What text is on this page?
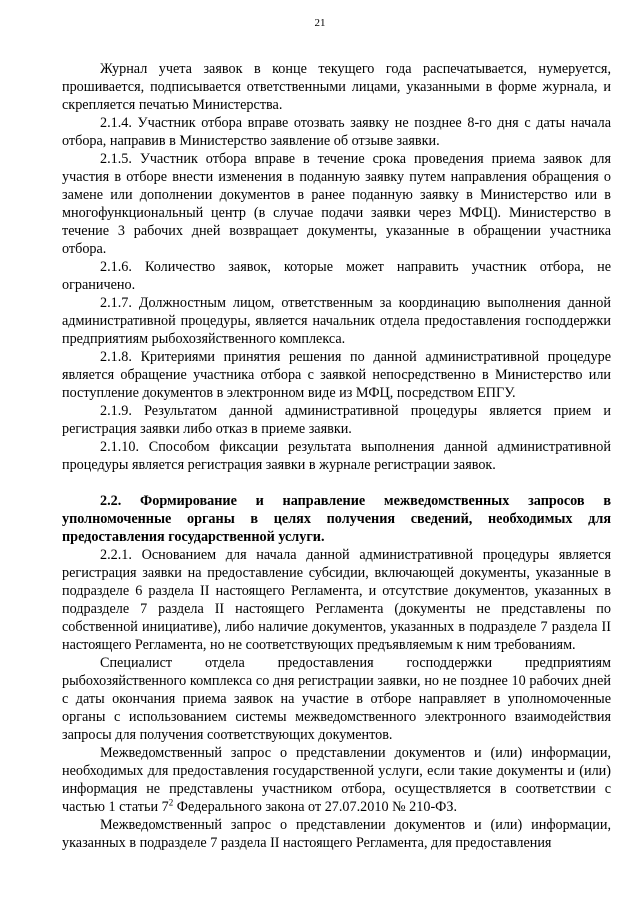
21

Журнал учета заявок в конце текущего года распечатывается, нумеруется, прошивается, подписывается ответственными лицами, указанными в форме журнала, и скрепляется печатью Министерства.

2.1.4. Участник отбора вправе отозвать заявку не позднее 8-го дня с даты начала отбора, направив в Министерство заявление об отзыве заявки.

2.1.5. Участник отбора вправе в течение срока проведения приема заявок для участия в отборе внести изменения в поданную заявку путем направления обращения о замене или дополнении документов в ранее поданную заявку в Министерство или в многофункциональный центр (в случае подачи заявки через МФЦ). Министерство в течение 3 рабочих дней возвращает документы, указанные в обращении участника отбора.

2.1.6. Количество заявок, которые может направить участник отбора, не ограничено.

2.1.7. Должностным лицом, ответственным за координацию выполнения данной административной процедуры, является начальник отдела предоставления господдержки предприятиям рыбохозяйственного комплекса.

2.1.8. Критериями принятия решения по данной административной процедуре является обращение участника отбора с заявкой непосредственно в Министерство или поступление документов в электронном виде из МФЦ, посредством ЕПГУ.

2.1.9. Результатом данной административной процедуры является прием и регистрация заявки либо отказ в приеме заявки.

2.1.10. Способом фиксации результата выполнения данной административной процедуры является регистрация заявки в журнале регистрации заявок.

2.2. Формирование и направление межведомственных запросов в уполномоченные органы в целях получения сведений, необходимых для предоставления государственной услуги.

2.2.1. Основанием для начала данной административной процедуры является регистрация заявки на предоставление субсидии, включающей документы, указанные в подразделе 6 раздела II настоящего Регламента, и отсутствие документов, указанных в подразделе 7 раздела II настоящего Регламента (документы не представлены по собственной инициативе), либо наличие документов, указанных в подразделе 7 раздела II настоящего Регламента, но не соответствующих предъявляемым к ним требованиям.

Специалист отдела предоставления господдержки предприятиям рыбохозяйственного комплекса со дня регистрации заявки, но не позднее 10 рабочих дней с даты окончания приема заявок на участие в отборе направляет в уполномоченные органы с использованием системы межведомственного электронного взаимодействия запросы для получения соответствующих документов.

Межведомственный запрос о представлении документов и (или) информации, необходимых для предоставления государственной услуги, если такие документы и (или) информация не представлены участником отбора, осуществляется в соответствии с частью 1 статьи $7^2$ Федерального закона от 27.07.2010 № 210-ФЗ.

Межведомственный запрос о представлении документов и (или) информации, указанных в подразделе 7 раздела II настоящего Регламента, для предоставления
